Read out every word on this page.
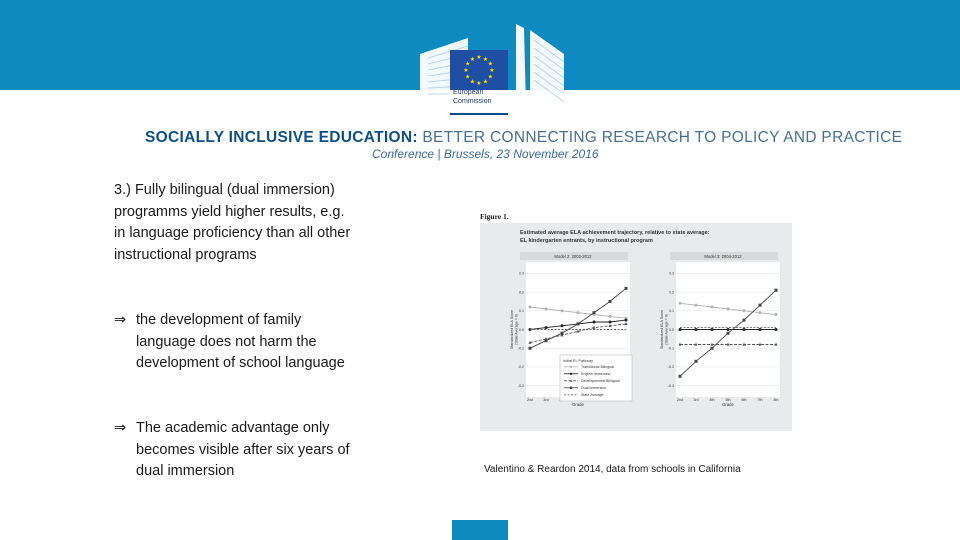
★ ★
★
★
★
★
★
★
★
★
★
★
European
Commission
SOCIALLY INCLUSIVE EDUCATION: BETTER CONNECTING RESEARCH TO POLICY AND PRACTICE
Conference | Brussels, 23 November 2016

3.) Fully bilingual (dual immersion) programms yield higher results, e.g. in language proficiency than all other instructional programs

⇒ the development of family language does not harm the development of school language
⇒ The academic advantage only becomes visible after six years of dual immersion
Figure 1.
Estimated average ELA achievement trajectory, relative to state average:
EL kindergarten entrants, by instructional program
Model 2: 2002-2012
-0.3
-0.2
-0.1
0.0
0.1
0.2
0.3
2nd	3rd
Grade
Standardized ELA Score(State Average = 0)
Model 3: 2004-2012
-0.3
-0.2
-0.1
0.0
0.1
0.2
0.3
2nd	3rd	4th	5th	6th	7th	8th
Grade
Standardized ELA Score(State Average = 0)
Initial EL Pathway
Transitional Bilingual
English Immersion
Developmental Bilingual
Dual Immersion
State Average
Valentino & Reardon 2014, data from schools in California
